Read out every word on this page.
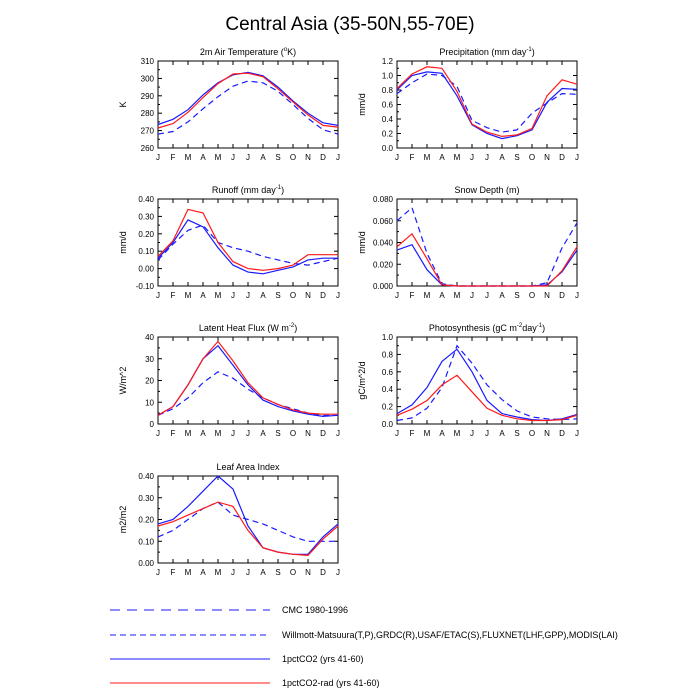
Central Asia (35-50N,55-70E)
2m Air Temperature ($^o$K)
260
270
280
290
300
310
J F M A M J J A S O N D J
K
Precipitation (mm day$^{-1}$)
0.0
0.2
0.4
0.6
0.8
1.0
1.2
J F M A M J J A S O N D J
mm/d
Runoff (mm day$^{-1}$)
-0.10
0.00
0.10
0.20
0.30
0.40
J F M A M J J A S O N D J
mm/d
Snow Depth (m)
0.000
0.020
0.040
0.060
0.080
J F M A M J J A S O N D J
mm/d
Latent Heat Flux (W $m^{-2}$)
0
10
20
30
40
J F M A M J J A S O N D J
W/m^2
Photosynthesis (gC $m^{-2}day^{-1}$)
0.0
0.2
0.4
0.6
0.8
1.0
J F M A M J J A S O N D J
gC/m^2/d
Leaf Area Index
0.00
0.10
0.20
0.30
0.40
J F M A M J J A S O N D J
m2/m2
CMC 1980-1996
Willmott-Matsuura(T,P),GRDC(R),USAF/ETAC(S),FLUXNET(LHF,GPP),MODIS(LAI)
1pctCO2 (yrs 41-60)
1pctCO2-rad (yrs 41-60)
